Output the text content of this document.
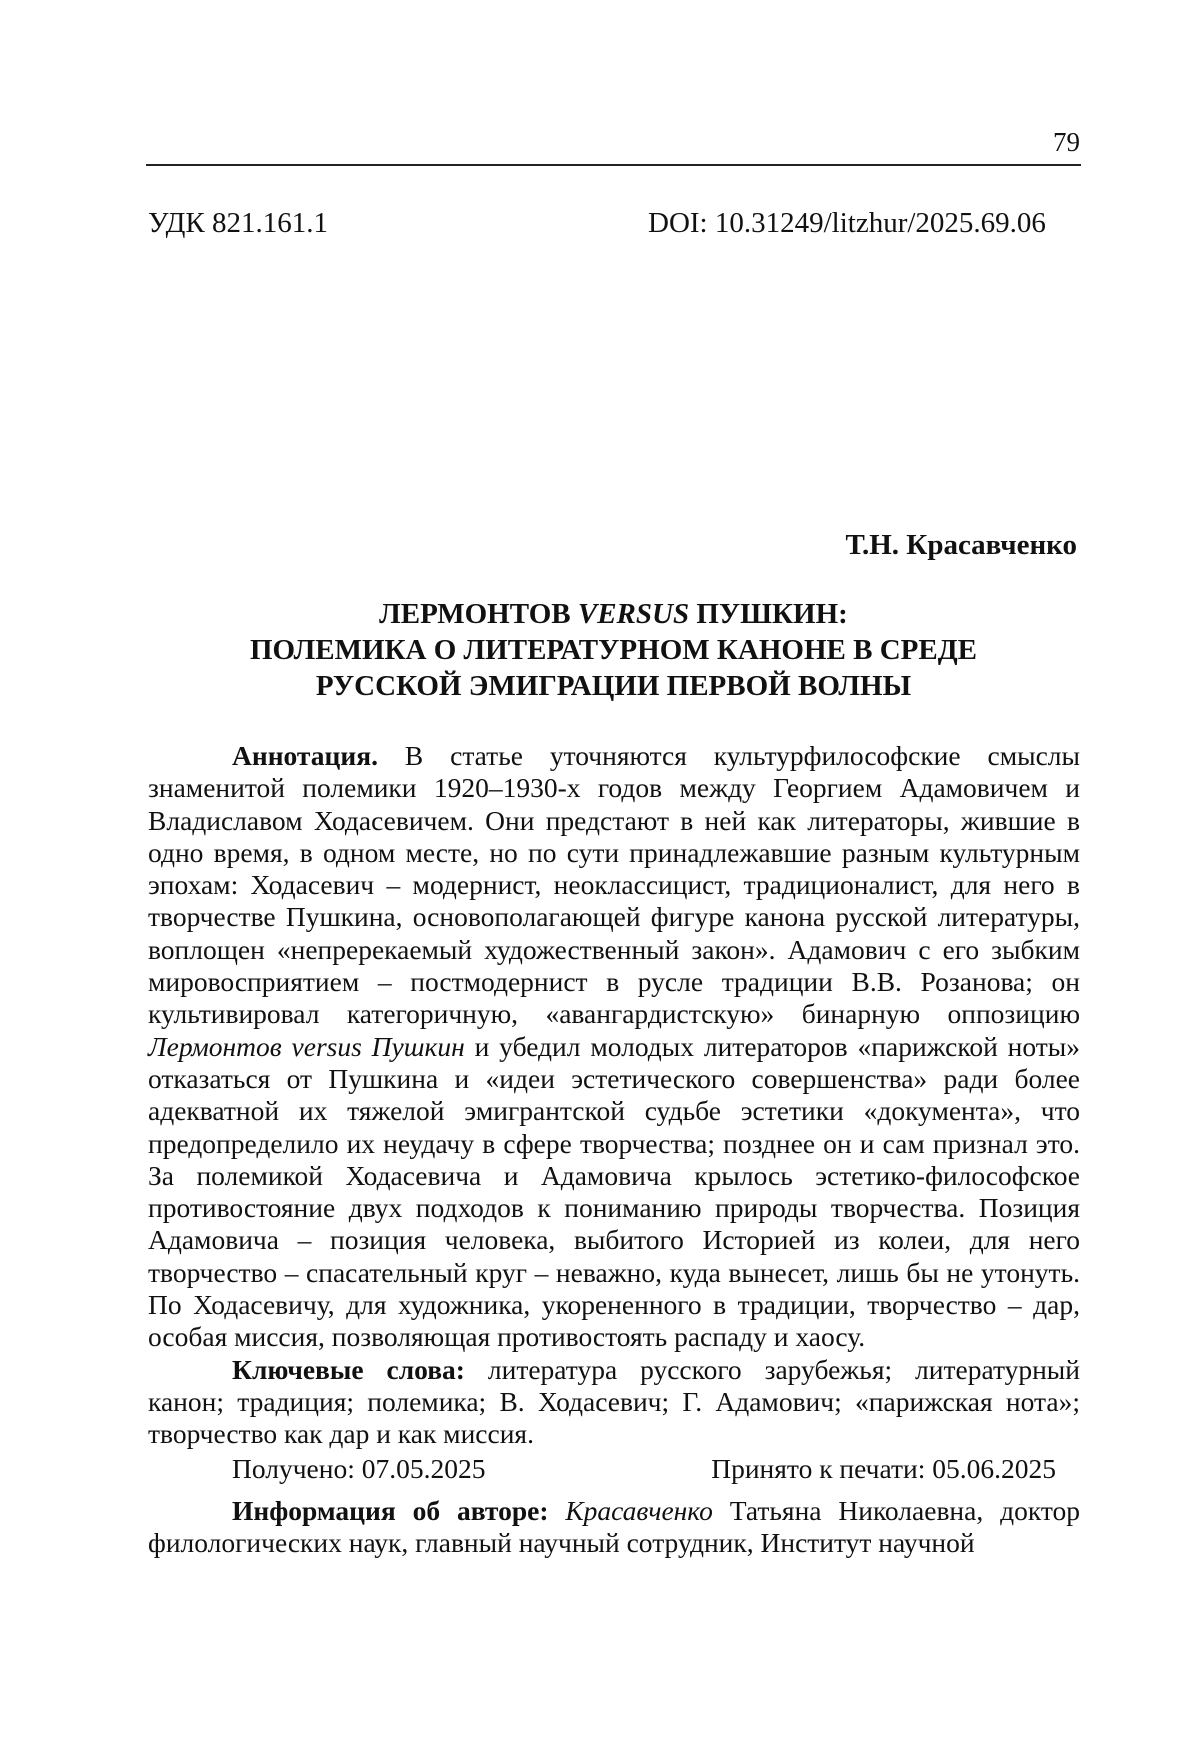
79
УДК 821.161.1	DOI: 10.31249/litzhur/2025.69.06
Т.Н. Красавченко
ЛЕРМОНТОВ VERSUS ПУШКИН:
ПОЛЕМИКА О ЛИТЕРАТУРНОМ КАНОНЕ В СРЕДЕ
РУССКОЙ ЭМИГРАЦИИ ПЕРВОЙ ВОЛНЫ

Аннотация. В статье уточняются культурфилософские смыслы знаменитой полемики 1920–1930-х годов между Георгием Адамовичем и Владиславом Ходасевичем. Они предстают в ней как литераторы, жившие в одно время, в одном месте, но по сути принадлежавшие разным культурным эпохам: Ходасевич – модернист, неоклассицист, традиционалист, для него в творчестве Пушкина, основополагающей фигуре канона русской литературы, воплощен «непререкаемый художественный закон». Адамович с его зыбким мировосприятием – постмодернист в русле традиции В.В. Розанова; он культивировал категоричную, «авангардистскую» бинарную оппозицию Лермонтов versus Пушкин и убедил молодых литераторов «парижской ноты» отказаться от Пушкина и «идеи эстетического совершенства» ради более адекватной их тяжелой эмигрантской судьбе эстетики «документа», что предопределило их неудачу в сфере творчества; позднее он и сам признал это. За полемикой Ходасевича и Адамовича крылось эстетико-философское противостояние двух подходов к пониманию природы творчества. Позиция Адамовича – позиция человека, выбитого Историей из колеи, для него творчество – спасательный круг – неважно, куда вынесет, лишь бы не утонуть. По Ходасевичу, для художника, укорененного в традиции, творчество – дар, особая миссия, позволяющая противостоять распаду и хаосу.

Ключевые слова: литература русского зарубежья; литературный канон; традиция; полемика; В. Ходасевич; Г. Адамович; «парижская нота»; творчество как дар и как миссия.

Получено: 07.05.2025	Принято к печати: 05.06.2025

Информация об авторе: Красавченко Татьяна Николаевна, доктор филологических наук, главный научный сотрудник, Институт научной
